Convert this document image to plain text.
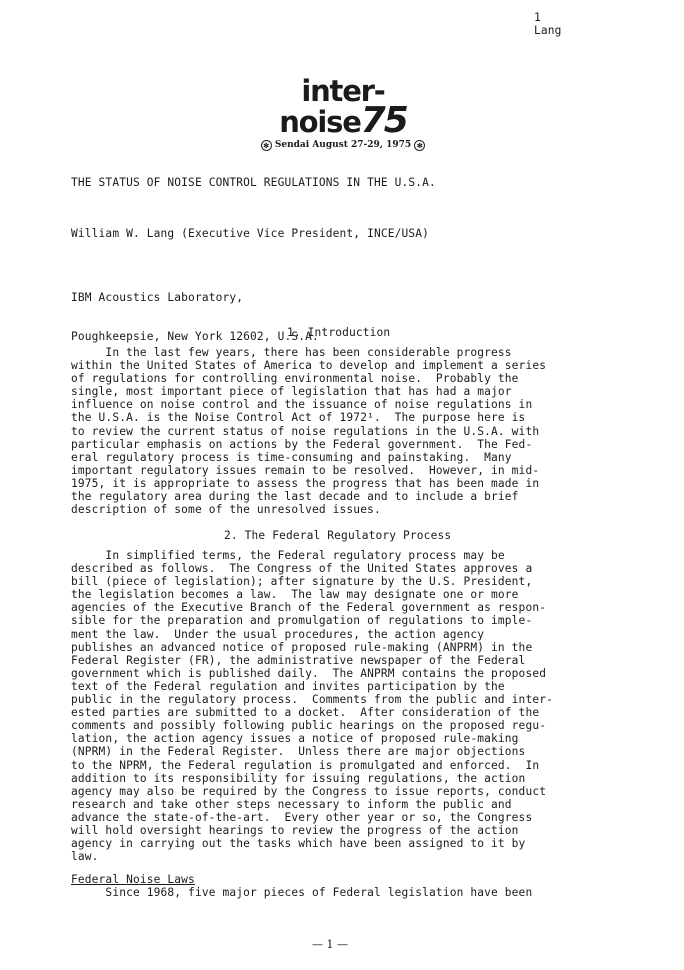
1
Lang
inter-noise75
✻ Sendai August 27-29, 1975 ✻
THE STATUS OF NOISE CONTROL REGULATIONS IN THE U.S.A.
William W. Lang (Executive Vice President, INCE/USA)

IBM Acoustics Laboratory,

Poughkeepsie, New York 12602, U.S.A.

1. Introduction
In the last few years, there has been considerable progress
within the United States of America to develop and implement a series
of regulations for controlling environmental noise.  Probably the
single, most important piece of legislation that has had a major
influence on noise control and the issuance of noise regulations in
the U.S.A. is the Noise Control Act of 1972¹.  The purpose here is
to review the current status of noise regulations in the U.S.A. with
particular emphasis on actions by the Federal government.  The Fed-
eral regulatory process is time-consuming and painstaking.  Many
important regulatory issues remain to be resolved.  However, in mid-
1975, it is appropriate to assess the progress that has been made in
the regulatory area during the last decade and to include a brief
description of some of the unresolved issues.
2. The Federal Regulatory Process
In simplified terms, the Federal regulatory process may be
described as follows.  The Congress of the United States approves a
bill (piece of legislation); after signature by the U.S. President,
the legislation becomes a law.  The law may designate one or more
agencies of the Executive Branch of the Federal government as respon-
sible for the preparation and promulgation of regulations to imple-
ment the law.  Under the usual procedures, the action agency
publishes an advanced notice of proposed rule-making (ANPRM) in the
Federal Register (FR), the administrative newspaper of the Federal
government which is published daily.  The ANPRM contains the proposed
text of the Federal regulation and invites participation by the
public in the regulatory process.  Comments from the public and inter-
ested parties are submitted to a docket.  After consideration of the
comments and possibly following public hearings on the proposed regu-
lation, the action agency issues a notice of proposed rule-making
(NPRM) in the Federal Register.  Unless there are major objections
to the NPRM, the Federal regulation is promulgated and enforced.  In
addition to its responsibility for issuing regulations, the action
agency may also be required by the Congress to issue reports, conduct
research and take other steps necessary to inform the public and
advance the state-of-the-art.  Every other year or so, the Congress
will hold oversight hearings to review the progress of the action
agency in carrying out the tasks which have been assigned to it by
law.
Federal Noise Laws
Since 1968, five major pieces of Federal legislation have been
— 1 —
